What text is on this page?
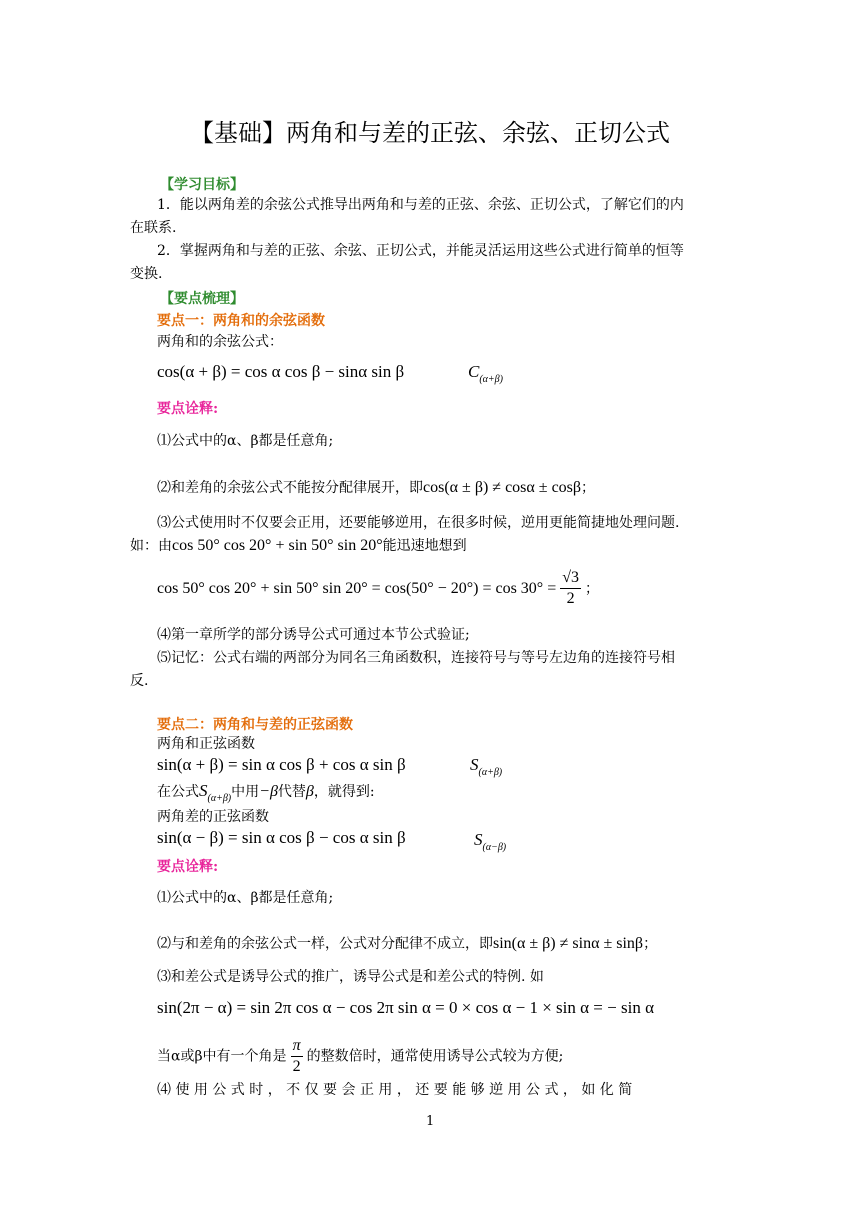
【基础】两角和与差的正弦、余弦、正切公式
【学习目标】
1．能以两角差的余弦公式推导出两角和与差的正弦、余弦、正切公式，了解它们的内
在联系.
2．掌握两角和与差的正弦、余弦、正切公式，并能灵活运用这些公式进行简单的恒等
变换.
【要点梳理】
要点一：两角和的余弦函数
两角和的余弦公式：
cos(α + β) = cos α cos β − sinα sin β	$C_{(\alpha+\beta)}$
要点诠释:
⑴公式中的α、β都是任意角;
⑵和差角的余弦公式不能按分配律展开，即cos(α ± β) ≠ cosα ± cosβ；
⑶公式使用时不仅要会正用，还要能够逆用，在很多时候，逆用更能简捷地处理问题.
如：由cos 50° cos 20° + sin 50° sin 20°能迅速地想到
cos 50° cos 20° + sin 50° $\sin 20^\circ = \cos(50^\circ - 20^\circ) = \cos 30^\circ = \frac{√3}{2}$ ；
⑷第一章所学的部分诱导公式可通过本节公式验证;
⑸记忆：公式右端的两部分为同名三角函数积，连接符号与等号左边角的连接符号相
反.
要点二：两角和与差的正弦函数
两角和正弦函数
sin(α + β) = sin α cos β + cos α sin β	$S_{(\alpha+\beta)}$
在公式$S_{(\alpha+\beta)}$中用−β代替β，就得到:
两角差的正弦函数
sin(α − β) = sin α cos β − cos α sin β	$S_{(\alpha-\beta)}$
要点诠释:
⑴公式中的α、β都是任意角;
⑵与和差角的余弦公式一样，公式对分配律不成立，即sin(α ± β) ≠ sinα ± sinβ；
⑶和差公式是诱导公式的推广，诱导公式是和差公式的特例. 如
sin(2π − α) = sin 2π cos α − cos 2π sin α = 0 × cos α − 1 × sin α = − sin α
当α或β中有一个角是 $\frac{\pi}{2}$ 的整数倍时，通常使用诱导公式较为方便;
⑷ 使 用 公 式 时 ， 不 仅 要 会 正 用 ， 还 要 能 够 逆 用 公 式 ， 如 化 简
1
